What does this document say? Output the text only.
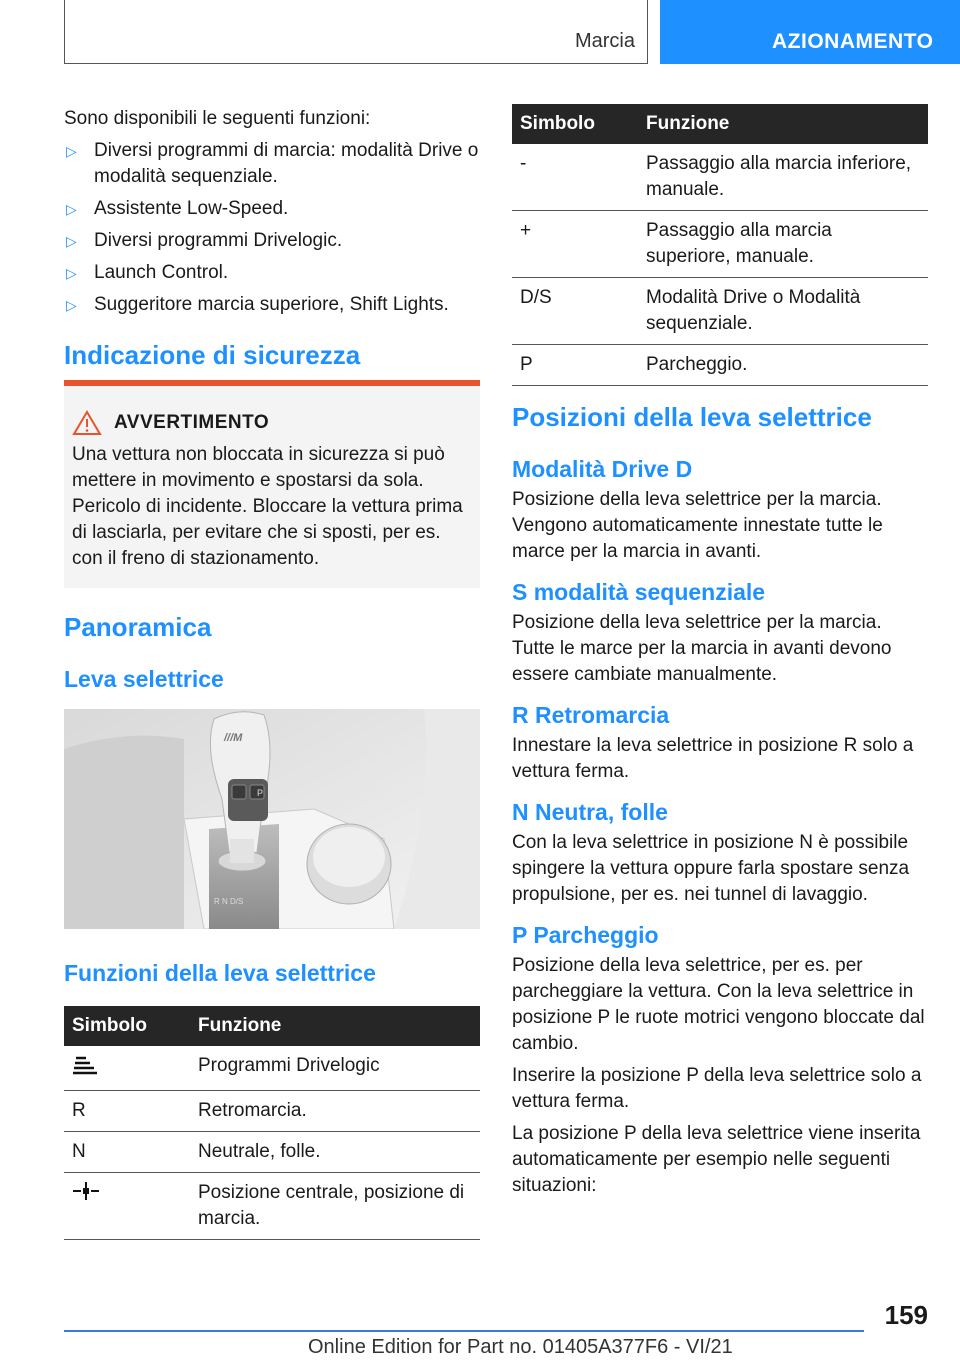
Marcia	AZIONAMENTO

Sono disponibili le seguenti funzioni:

▷ Diversi programmi di marcia: modalità Drive o modalità sequenziale.
▷ Assistente Low-Speed.
▷ Diversi programmi Drivelogic.
▷ Launch Control.
▷ Suggeritore marcia superiore, Shift Lights.
Indicazione di sicurezza
AVVERTIMENTO

Una vettura non bloccata in sicurezza si può mettere in movimento e spostarsi da sola. Pericolo di incidente. Bloccare la vettura prima di lasciarla, per evitare che si sposti, per es. con il freno di stazionamento.

Panoramica
Leva selettrice
Funzioni della leva selettrice
Simbolo	Funzione
	Programmi Drivelogic
R	Retromarcia.
N	Neutrale, folle.
	Posizione centrale, posizione di marcia.
P
///M
R N D/S
Simbolo	Funzione
-	Passaggio alla marcia inferiore, manuale.
+	Passaggio alla marcia superiore, manuale.
D/S	Modalità Drive o Modalità sequenziale.
P	Parcheggio.
Posizioni della leva selettrice
Modalità Drive D

Posizione della leva selettrice per la marcia. Vengono automaticamente innestate tutte le marce per la marcia in avanti.

S modalità sequenziale

Posizione della leva selettrice per la marcia. Tutte le marce per la marcia in avanti devono essere cambiate manualmente.

R Retromarcia

Innestare la leva selettrice in posizione R solo a vettura ferma.

N Neutra, folle

Con la leva selettrice in posizione N è possibile spingere la vettura oppure farla spostare senza propulsione, per es. nei tunnel di lavaggio.

P Parcheggio

Posizione della leva selettrice, per es. per parcheggiare la vettura. Con la leva selettrice in posizione P le ruote motrici vengono bloccate dal cambio.

Inserire la posizione P della leva selettrice solo a vettura ferma.

La posizione P della leva selettrice viene inserita automaticamente per esempio nelle seguenti situazioni:

159
Online Edition for Part no. 01405A377F6 - VI/21
